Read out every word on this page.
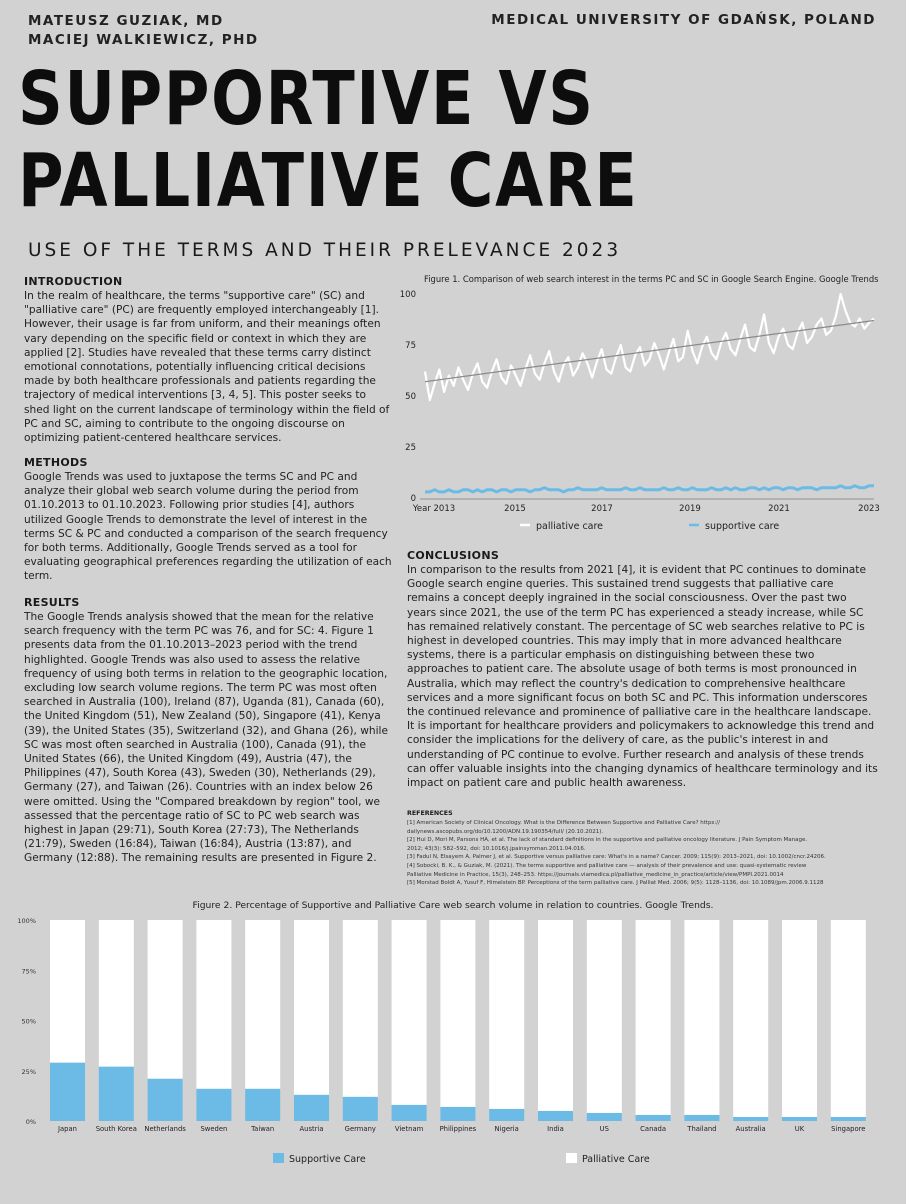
MATEUSZ GUZIAK, MD
MACIEJ WALKIEWICZ, PHD
MEDICAL UNIVERSITY OF GDAŃSK, POLAND
SUPPORTIVE VS
PALLIATIVE CARE
USE OF THE TERMS AND THEIR PRELEVANCE 2023
INTRODUCTION

In the realm of healthcare, the terms "supportive care" (SC) and "palliative care" (PC) are frequently employed interchangeably [1]. However, their usage is far from uniform, and their meanings often vary depending on the specific field or context in which they are applied [2]. Studies have revealed that these terms carry distinct emotional connotations, potentially influencing critical decisions made by both healthcare professionals and patients regarding the trajectory of medical interventions [3, 4, 5]. This poster seeks to shed light on the current landscape of terminology within the field of PC and SC, aiming to contribute to the ongoing discourse on optimizing patient-centered healthcare services.

METHODS

Google Trends was used to juxtapose the terms SC and PC and analyze their global web search volume during the period from 01.10.2013 to 01.10.2023. Following prior studies [4], authors utilized Google Trends to demonstrate the level of interest in the terms SC & PC and conducted a comparison of the search frequency for both terms. Additionally, Google Trends served as a tool for evaluating geographical preferences regarding the utilization of each term.

RESULTS

The Google Trends analysis showed that the mean for the relative search frequency with the term PC was 76, and for SC: 4. Figure 1 presents data from the 01.10.2013–2023 period with the trend highlighted. Google Trends was also used to assess the relative frequency of using both terms in relation to the geographic location, excluding low search volume regions. The term PC was most often searched in Australia (100), Ireland (87), Uganda (81), Canada (60), the United Kingdom (51), New Zealand (50), Singapore (41), Kenya (39), the United States (35), Switzerland (32), and Ghana (26), while SC was most often searched in Australia (100), Canada (91), the United States (66), the United Kingdom (49), Austria (47), the Philippines (47), South Korea (43), Sweden (30), Netherlands (29), Germany (27), and Taiwan (26). Countries with an index below 26 were omitted. Using the "Compared breakdown by region" tool, we assessed that the percentage ratio of SC to PC web search was highest in Japan (29:71), South Korea (27:73), The Netherlands (21:79), Sweden (16:84), Taiwan (16:84), Austria (13:87), and Germany (12:88). The remaining results are presented in Figure 2.

Figure 1. Comparison of web search interest in the terms PC and SC in Google Search Engine. Google Trends
0
25
50
75
100
Year 2013	2015	2017	2019	2021	2023
palliative care	supportive care
CONCLUSIONS

In comparison to the results from 2021 [4], it is evident that PC continues to dominate Google search engine queries. This sustained trend suggests that palliative care remains a concept deeply ingrained in the social consciousness. Over the past two years since 2021, the use of the term PC has experienced a steady increase, while SC has remained relatively constant. The percentage of SC web searches relative to PC is highest in developed countries. This may imply that in more advanced healthcare systems, there is a particular emphasis on distinguishing between these two approaches to patient care. The absolute usage of both terms is most pronounced in Australia, which may reflect the country's dedication to comprehensive healthcare services and a more significant focus on both SC and PC. This information underscores the continued relevance and prominence of palliative care in the healthcare landscape. It is important for healthcare providers and policymakers to acknowledge this trend and consider the implications for the delivery of care, as the public's interest in and understanding of PC continue to evolve. Further research and analysis of these trends can offer valuable insights into the changing dynamics of healthcare terminology and its impact on patient care and public health awareness.

REFERENCES
[1] American Society of Clinical Oncology. What is the Difference Between Supportive and Palliative Care? https://
dailynews.ascopubs.org/do/10.1200/ADN.19.190354/full/ (20.10.2021).
[2] Hui D, Mori M, Parsons HA, et al. The lack of standard definitions in the supportive and palliative oncology literature. J Pain Symptom Manage.
2012; 43(3): 582–592, doi: 10.1016/j.jpainsymman.2011.04.016.
[3] Fadul N, Elsayem A, Palmer J, et al. Supportive versus palliative care: What's in a name? Cancer. 2009; 115(9): 2013–2021, doi: 10.1002/cncr.24206.
[4] Sobocki, B. K., & Guziak, M. (2021). The terms supportive and palliative care — analysis of their prevalence and use: quasi-systematic review
Palliative Medicine in Practice, 15(3), 248–253. https://journals.viamedica.pl/palliative_medicine_in_practice/article/view/PMPI.2021.0014
[5] Morstad Boldt A, Yusuf F, Himelstein BP. Perceptions of the term palliative care. J Palliat Med. 2006; 9(5): 1128–1136, doi: 10.1089/jpm.2006.9.1128
Figure 2. Percentage of Supportive and Palliative Care web search volume in relation to countries. Google Trends.
0%
25%
50%
75%
100%
Japan	South Korea Netherlands Sweden	Taiwan	Austria	Germany	Vietnam Philippines	Nigeria	India	US	Canada	Thailand	Australia	UK	Singapore
Supportive Care	Palliative Care
